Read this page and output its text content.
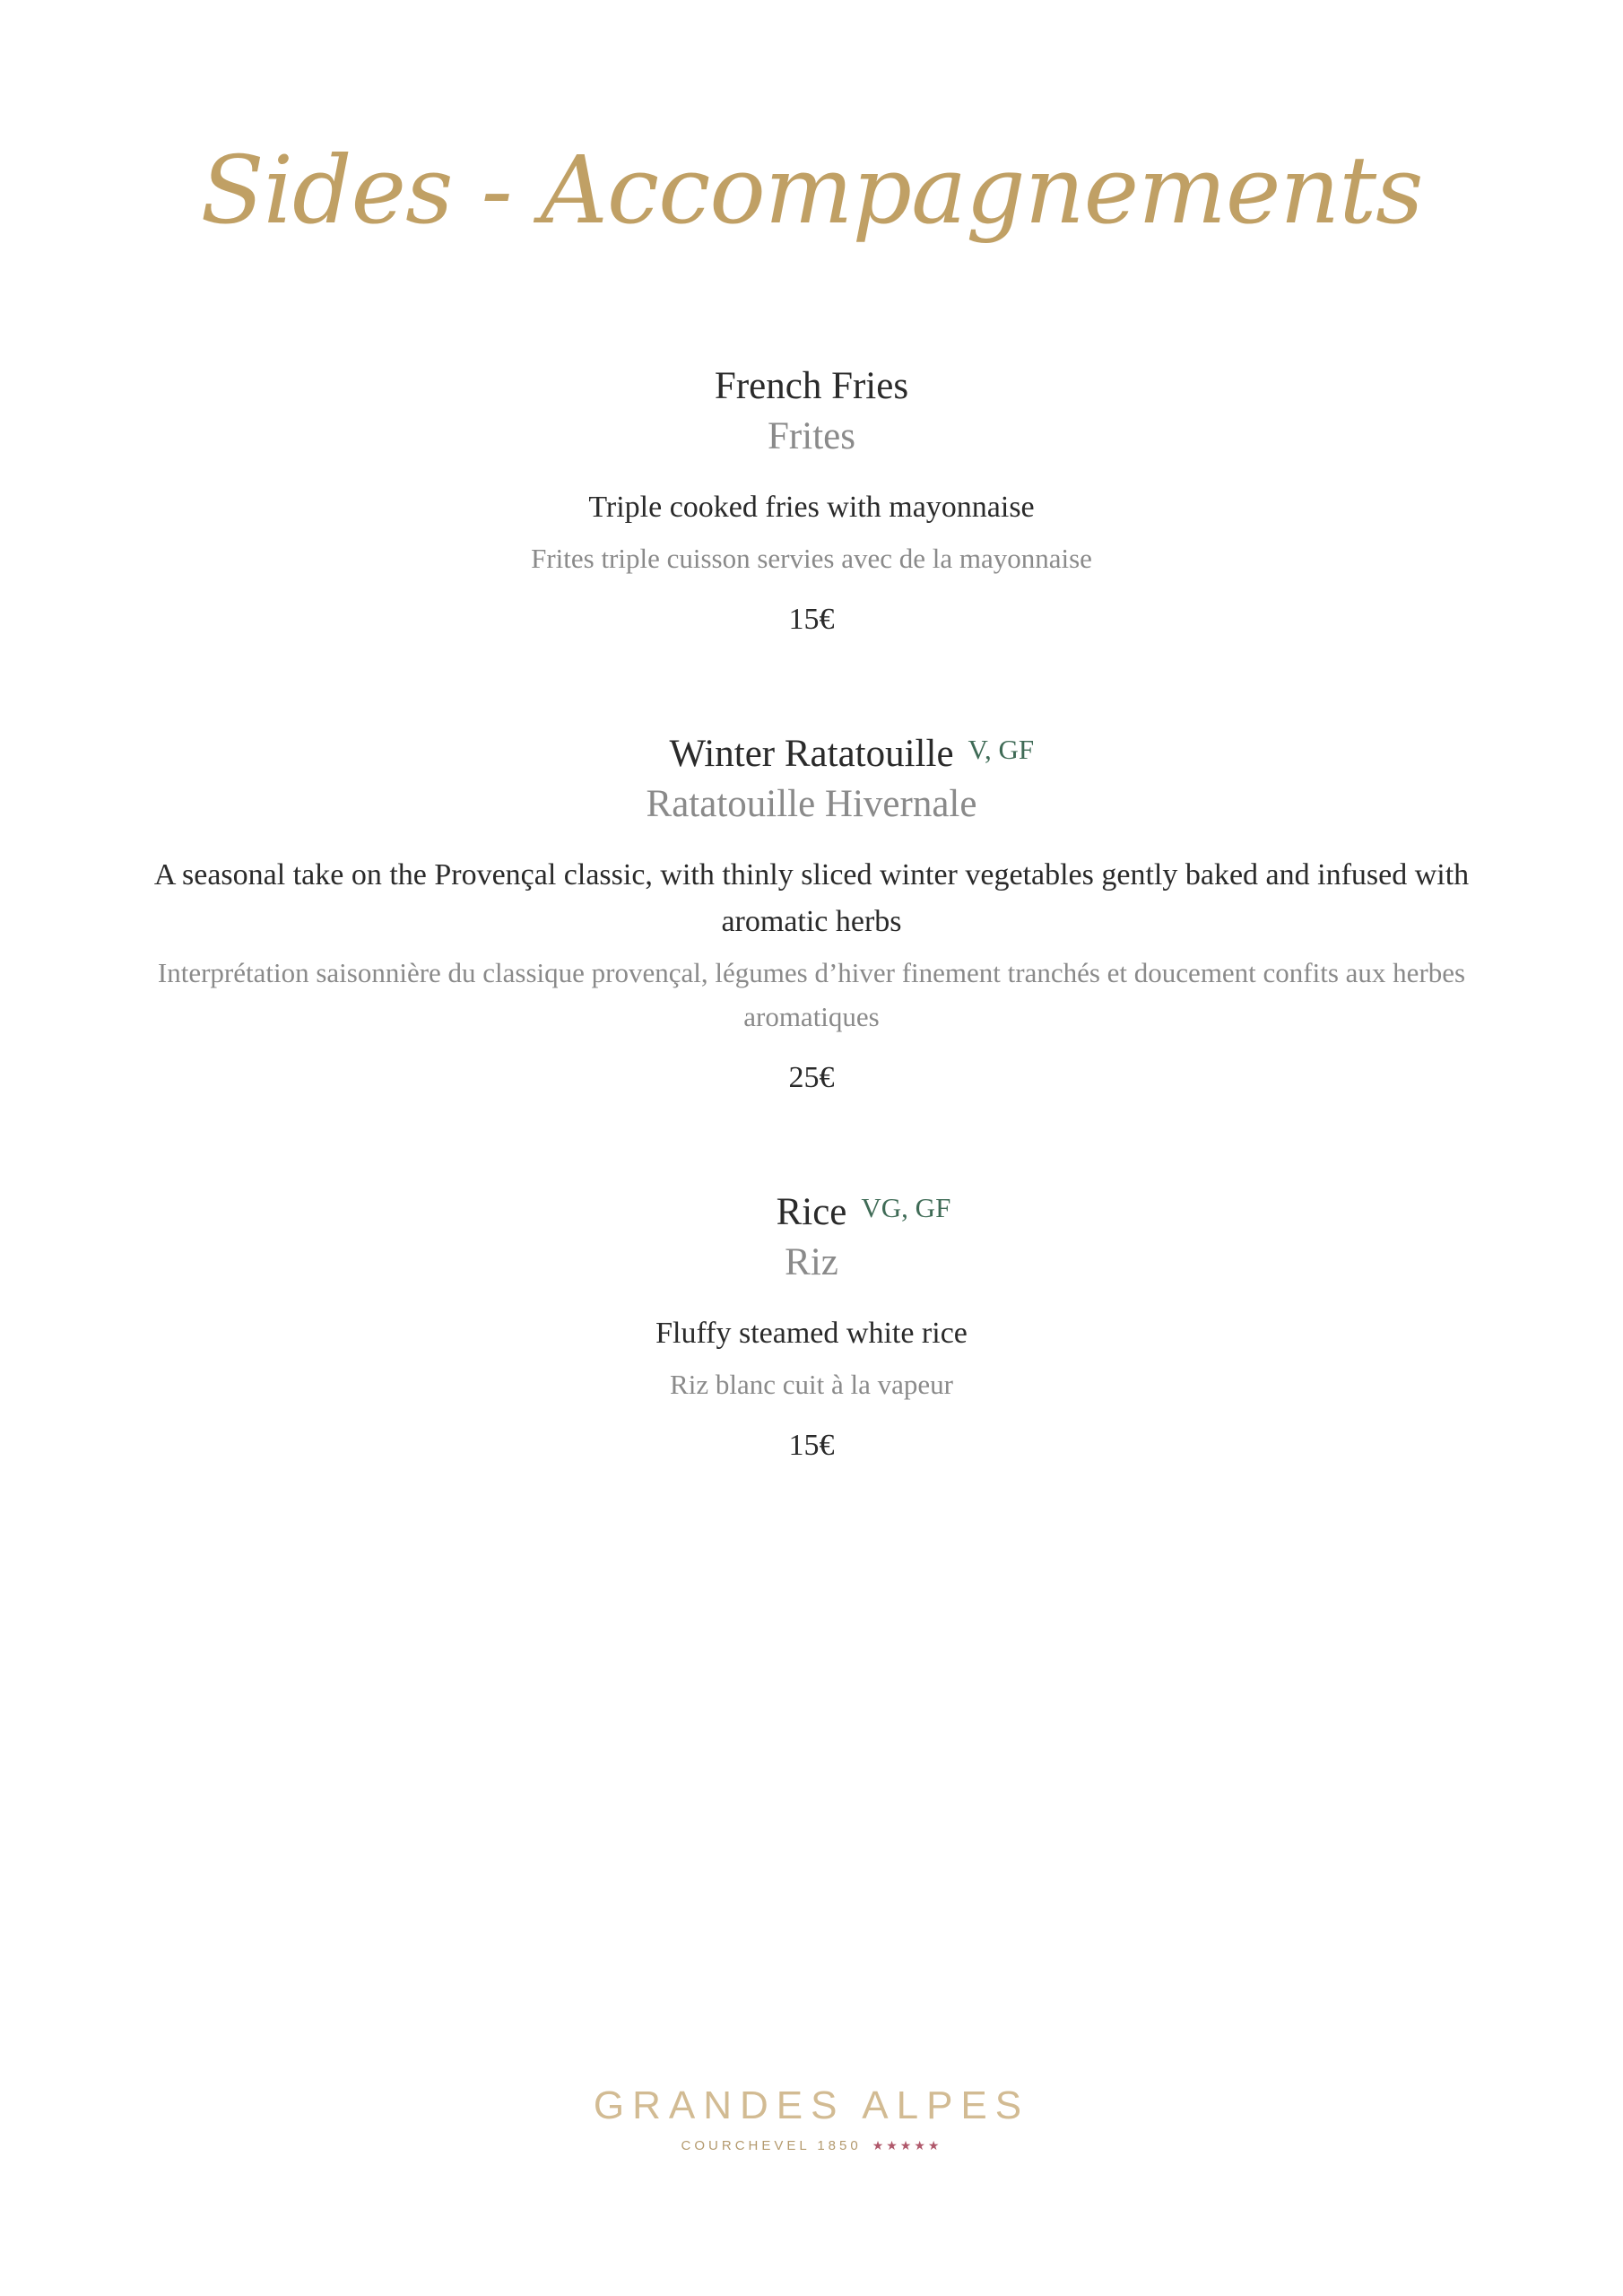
Sides - Accompagnements
French Fries
Frites
Triple cooked fries with mayonnaise
Frites triple cuisson servies avec de la mayonnaise
15€
Winter Ratatouille V, GF
Ratatouille Hivernale
A seasonal take on the Provençal classic, with thinly sliced winter vegetables gently baked and infused with aromatic herbs
Interprétation saisonnière du classique provençal, légumes d’hiver finement tranchés et doucement confits aux herbes aromatiques
25€
Rice VG, GF
Riz
Fluffy steamed white rice
Riz blanc cuit à la vapeur
15€
GRANDES ALPES
COURCHEVEL 1850 ★★★★★
